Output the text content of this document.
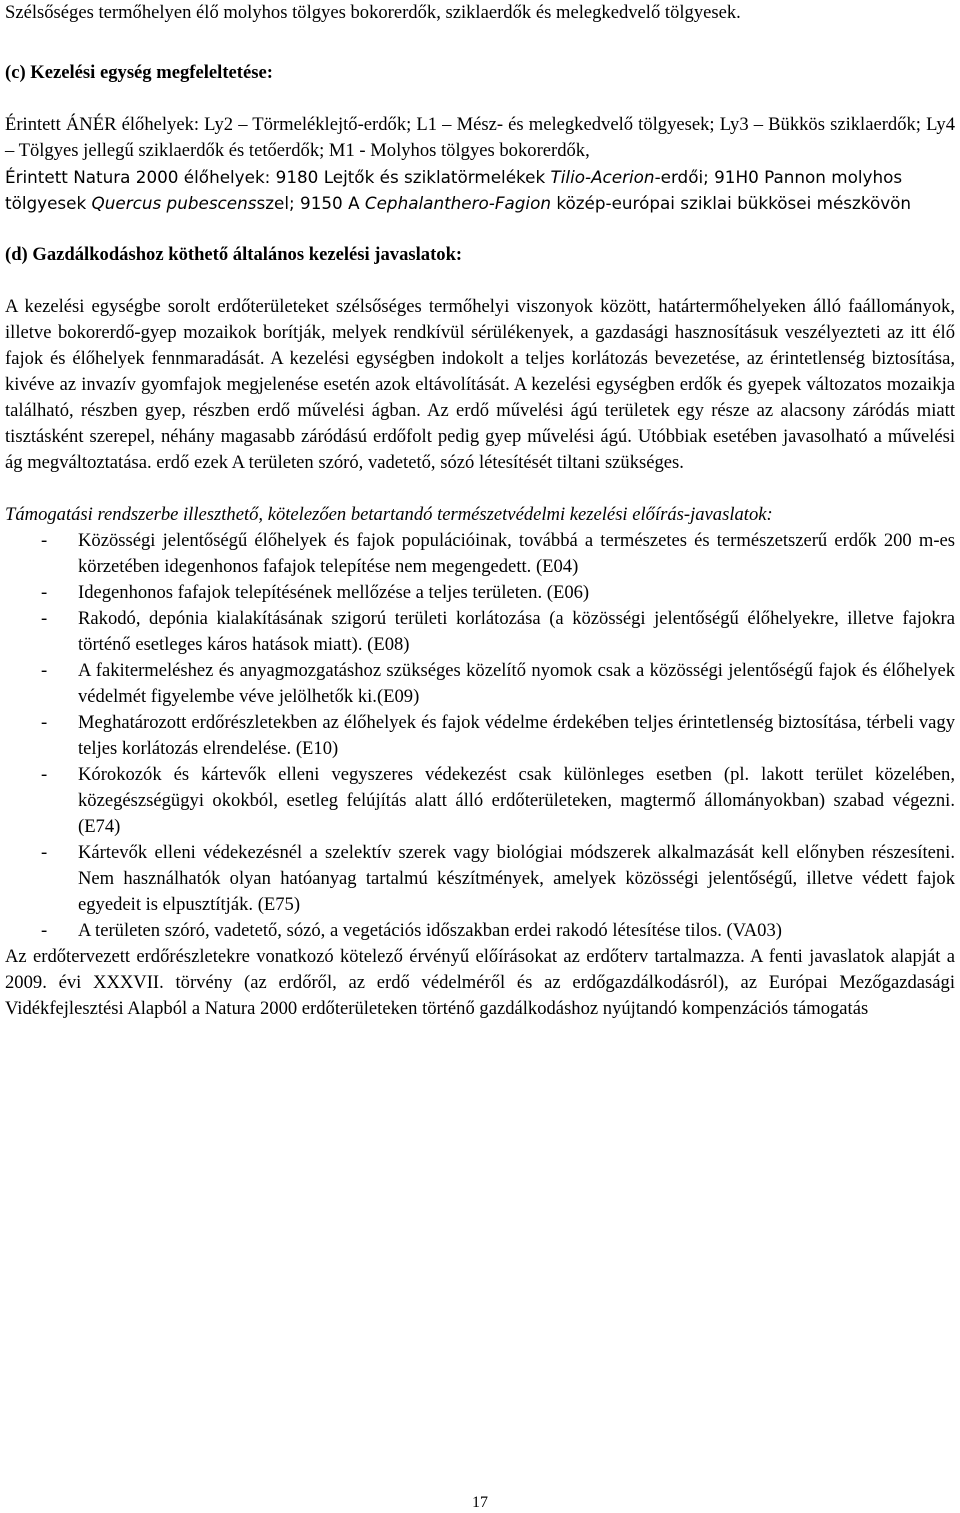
Szélsőséges termőhelyen élő molyhos tölgyes bokorerdők, sziklaerdők és melegkedvelő tölgyesek.

(c) Kezelési egység megfeleltetése:

Érintett ÁNÉR élőhelyek: Ly2 – Törmeléklejtő-erdők; L1 – Mész- és melegkedvelő tölgyesek; Ly3 – Bükkös sziklaerdők; Ly4 – Tölgyes jellegű sziklaerdők és tetőerdők; M1 - Molyhos tölgyes bokorerdők,

Érintett Natura 2000 élőhelyek: 9180 Lejtők és sziklatörmelékek Tilio-Acerion-erdői; 91H0 Pannon molyhos tölgyesek Quercus pubescensszel; 9150 A Cephalanthero-Fagion közép-európai sziklai bükkösei mészkövön

(d) Gazdálkodáshoz köthető általános kezelési javaslatok:

A kezelési egységbe sorolt erdőterületeket szélsőséges termőhelyi viszonyok között, határtermőhelyeken álló faállományok, illetve bokorerdő-gyep mozaikok borítják, melyek rendkívül sérülékenyek, a gazdasági hasznosításuk veszélyezteti az itt élő fajok és élőhelyek fennmaradását. A kezelési egységben indokolt a teljes korlátozás bevezetése, az érintetlenség biztosítása, kivéve az invazív gyomfajok megjelenése esetén azok eltávolítását. A kezelési egységben erdők és gyepek változatos mozaikja található, részben gyep, részben erdő művelési ágban. Az erdő művelési ágú területek egy része az alacsony záródás miatt tisztásként szerepel, néhány magasabb záródású erdőfolt pedig gyep művelési ágú. Utóbbiak esetében javasolható a művelési ág megváltoztatása. erdő ezek A területen szóró, vadetető, sózó létesítését tiltani szükséges.

Támogatási rendszerbe illeszthető, kötelezően betartandó természetvédelmi kezelési előírás-javaslatok:

- Közösségi jelentőségű élőhelyek és fajok populációinak, továbbá a természetes és természetszerű erdők 200 m-es körzetében idegenhonos fafajok telepítése nem megengedett. (E04)
- Idegenhonos fafajok telepítésének mellőzése a teljes területen. (E06)
- Rakodó, depónia kialakításának szigorú területi korlátozása (a közösségi jelentőségű élőhelyekre, illetve fajokra történő esetleges káros hatások miatt). (E08)
- A fakitermeléshez és anyagmozgatáshoz szükséges közelítő nyomok csak a közösségi jelentőségű fajok és élőhelyek védelmét figyelembe véve jelölhetők ki.(E09)
- Meghatározott erdőrészletekben az élőhelyek és fajok védelme érdekében teljes érintetlenség biztosítása, térbeli vagy teljes korlátozás elrendelése. (E10)
- Kórokozók és kártevők elleni vegyszeres védekezést csak különleges esetben (pl. lakott terület közelében, közegészségügyi okokból, esetleg felújítás alatt álló erdőterületeken, magtermő állományokban) szabad végezni. (E74)
- Kártevők elleni védekezésnél a szelektív szerek vagy biológiai módszerek alkalmazását kell előnyben részesíteni. Nem használhatók olyan hatóanyag tartalmú készítmények, amelyek közösségi jelentőségű, illetve védett fajok egyedeit is elpusztítják. (E75)
- A területen szóró, vadetető, sózó, a vegetációs időszakban erdei rakodó létesítése tilos. (VA03)

Az erdőtervezett erdőrészletekre vonatkozó kötelező érvényű előírásokat az erdőterv tartalmazza. A fenti javaslatok alapját a 2009. évi XXXVII. törvény (az erdőről, az erdő védelméről és az erdőgazdálkodásról), az Európai Mezőgazdasági Vidékfejlesztési Alapból a Natura 2000 erdőterületeken történő gazdálkodáshoz nyújtandó kompenzációs támogatás

17
